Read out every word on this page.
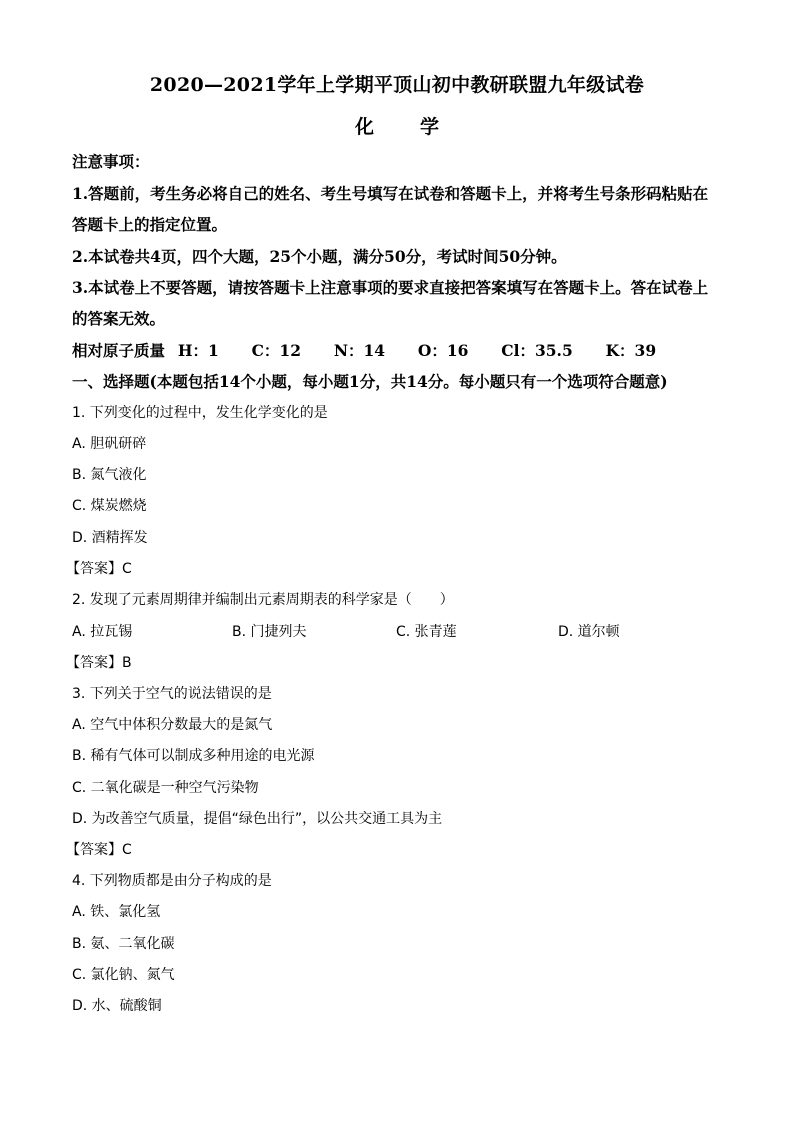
2020—2021学年上学期平顶山初中教研联盟九年级试卷
化 学
注意事项：
1.答题前，考生务必将自己的姓名、考生号填写在试卷和答题卡上，并将考生号条形码粘贴在
答题卡上的指定位置。
2.本试卷共4页，四个大题，25个小题，满分50分，考试时间50分钟。
3.本试卷上不要答题，请按答题卡上注意事项的要求直接把答案填写在答题卡上。答在试卷上
的答案无效。
相对原子质量 H：1 C：12 N：14 O：16 Cl：35.5 K：39
一、选择题(本题包括14个小题，每小题1分，共14分。每小题只有一个选项符合题意)
1. 下列变化的过程中，发生化学变化的是
A. 胆矾研碎
B. 氮气液化
C. 煤炭燃烧
D. 酒精挥发
【答案】C
2. 发现了元素周期律并编制出元素周期表的科学家是（　　）
A. 拉瓦锡	B. 门捷列夫	C. 张青莲	D. 道尔顿
【答案】B
3. 下列关于空气的说法错误的是
A. 空气中体积分数最大的是氮气
B. 稀有气体可以制成多种用途的电光源
C. 二氧化碳是一种空气污染物
D. 为改善空气质量，提倡“绿色出行”，以公共交通工具为主
【答案】C
4. 下列物质都是由分子构成的是
A. 铁、氯化氢
B. 氨、二氧化碳
C. 氯化钠、氮气
D. 水、硫酸铜
